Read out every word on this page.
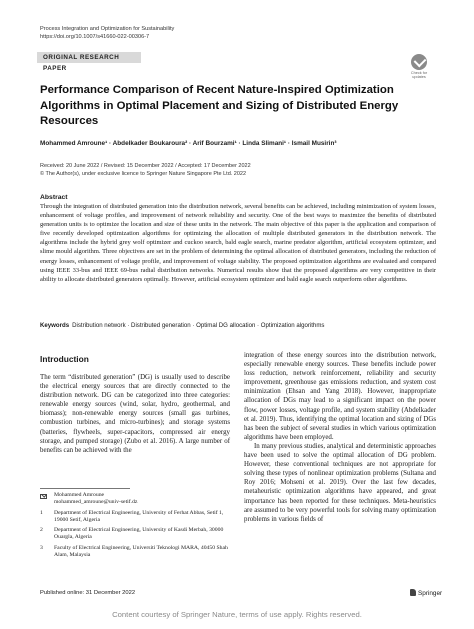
Process Integration and Optimization for Sustainability
https://doi.org/10.1007/s41660-022-00306-7
ORIGINAL RESEARCH PAPER
Check for updates
Performance Comparison of Recent Nature-Inspired Optimization Algorithms in Optimal Placement and Sizing of Distributed Energy Resources
Mohammed Amroune¹ · Abdelkader Boukaroura² · Arif Bourzami¹ · Linda Slimani¹ · Ismail Musirin³
Received: 20 June 2022 / Revised: 15 December 2022 / Accepted: 17 December 2022
© The Author(s), under exclusive licence to Springer Nature Singapore Pte Ltd. 2022
Abstract
Through the integration of distributed generation into the distribution network, several benefits can be achieved, including minimization of system losses, enhancement of voltage profiles, and improvement of network reliability and security. One of the best ways to maximize the benefits of distributed generation units is to optimize the location and size of these units in the network. The main objective of this paper is the application and comparison of five recently developed optimization algorithms for optimizing the allocation of multiple distributed generators in the distribution network. The algorithms include the hybrid grey wolf optimizer and cuckoo search, bald eagle search, marine predator algorithm, artificial ecosystem optimizer, and slime mould algorithm. Three objectives are set in the problem of determining the optimal allocation of distributed generators, including the reduction of energy losses, enhancement of voltage profile, and improvement of voltage stability. The proposed optimization algorithms are evaluated and compared using IEEE 33-bus and IEEE 69-bus radial distribution networks. Numerical results show that the proposed algorithms are very competitive in their ability to allocate distributed generators optimally. However, artificial ecosystem optimizer and bald eagle search outperform other algorithms.
Keywords Distribution network · Distributed generation · Optimal DG allocation · Optimization algorithms
Introduction

The term “distributed generation” (DG) is usually used to describe the electrical energy sources that are directly connected to the distribution network. DG can be categorized into three categories: renewable energy sources (wind, solar, hydro, geothermal, and biomass); non-renewable energy sources (small gas turbines, combustion turbines, and micro-turbines); and storage systems (batteries, flywheels, super-capacitors, compressed air energy storage, and pumped storage) (Zubo et al. 2016). A large number of benefits can be achieved with the

integration of these energy sources into the distribution network, especially renewable energy sources. These benefits include power loss reduction, network reinforcement, reliability and security improvement, greenhouse gas emissions reduction, and system cost minimization (Ehsan and Yang 2018). However, inappropriate allocation of DGs may lead to a significant impact on the power flow, power losses, voltage profile, and system stability (Abdelkader et al. 2019). Thus, identifying the optimal location and sizing of DGs has been the subject of several studies in which various optimization algorithms have been employed.

In many previous studies, analytical and deterministic approaches have been used to solve the optimal allocation of DG problem. However, these conventional techniques are not appropriate for solving these types of nonlinear optimization problems (Sultana and Roy 2016; Mohseni et al. 2019). Over the last few decades, metaheuristic optimization algorithms have appeared, and great importance has been reported for these techniques. Meta-heuristics are assumed to be very powerful tools for solving many optimization problems in various fields of

Mohammed Amroune
mohammed_amroune@univ-setif.dz
1 Department of Electrical Engineering, University of Ferhat Abbas, Setif 1, 19000 Setif, Algeria
2 Department of Electrical Engineering, University of Kasdi Merbah, 30000 Ouargla, Algeria
3 Faculty of Electrical Engineering, Universiti Teknologi MARA, 40450 Shah Alam, Malaysia
Published online: 31 December 2022	Springer
Content courtesy of Springer Nature, terms of use apply. Rights reserved.
